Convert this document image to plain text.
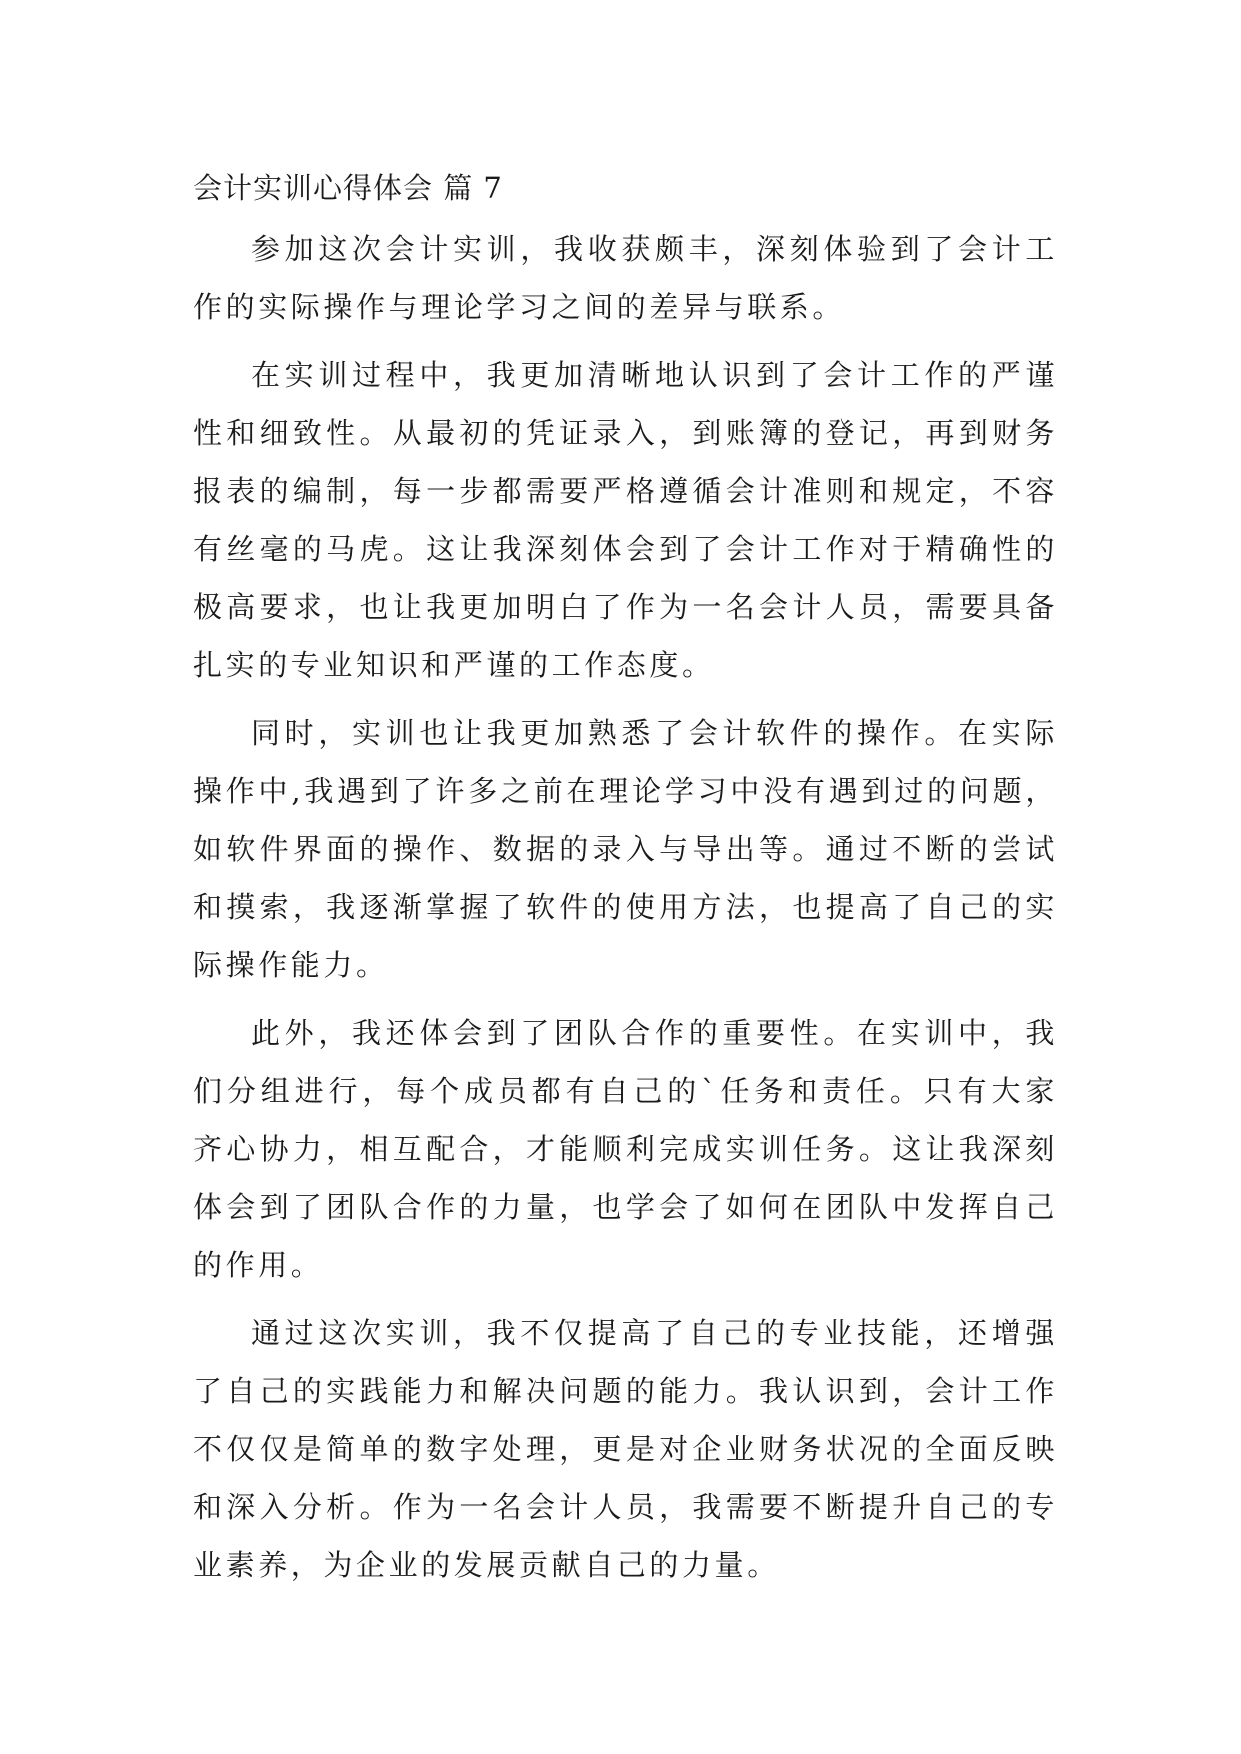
会计实训心得体会 篇 7

参加这次会计实训，我收获颇丰，深刻体验到了会计工作的实际操作与理论学习之间的差异与联系。

在实训过程中，我更加清晰地认识到了会计工作的严谨性和细致性。从最初的凭证录入，到账簿的登记，再到财务报表的编制，每一步都需要严格遵循会计准则和规定，不容有丝毫的马虎。这让我深刻体会到了会计工作对于精确性的极高要求，也让我更加明白了作为一名会计人员，需要具备扎实的专业知识和严谨的工作态度。

同时，实训也让我更加熟悉了会计软件的操作。在实际操作中,我遇到了许多之前在理论学习中没有遇到过的问题，如软件界面的操作、数据的录入与导出等。通过不断的尝试和摸索，我逐渐掌握了软件的使用方法，也提高了自己的实际操作能力。

此外，我还体会到了团队合作的重要性。在实训中，我们分组进行，每个成员都有自己的`任务和责任。只有大家齐心协力，相互配合，才能顺利完成实训任务。这让我深刻体会到了团队合作的力量，也学会了如何在团队中发挥自己的作用。

通过这次实训，我不仅提高了自己的专业技能，还增强了自己的实践能力和解决问题的能力。我认识到，会计工作不仅仅是简单的数字处理，更是对企业财务状况的全面反映和深入分析。作为一名会计人员，我需要不断提升自己的专业素养，为企业的发展贡献自己的力量。
